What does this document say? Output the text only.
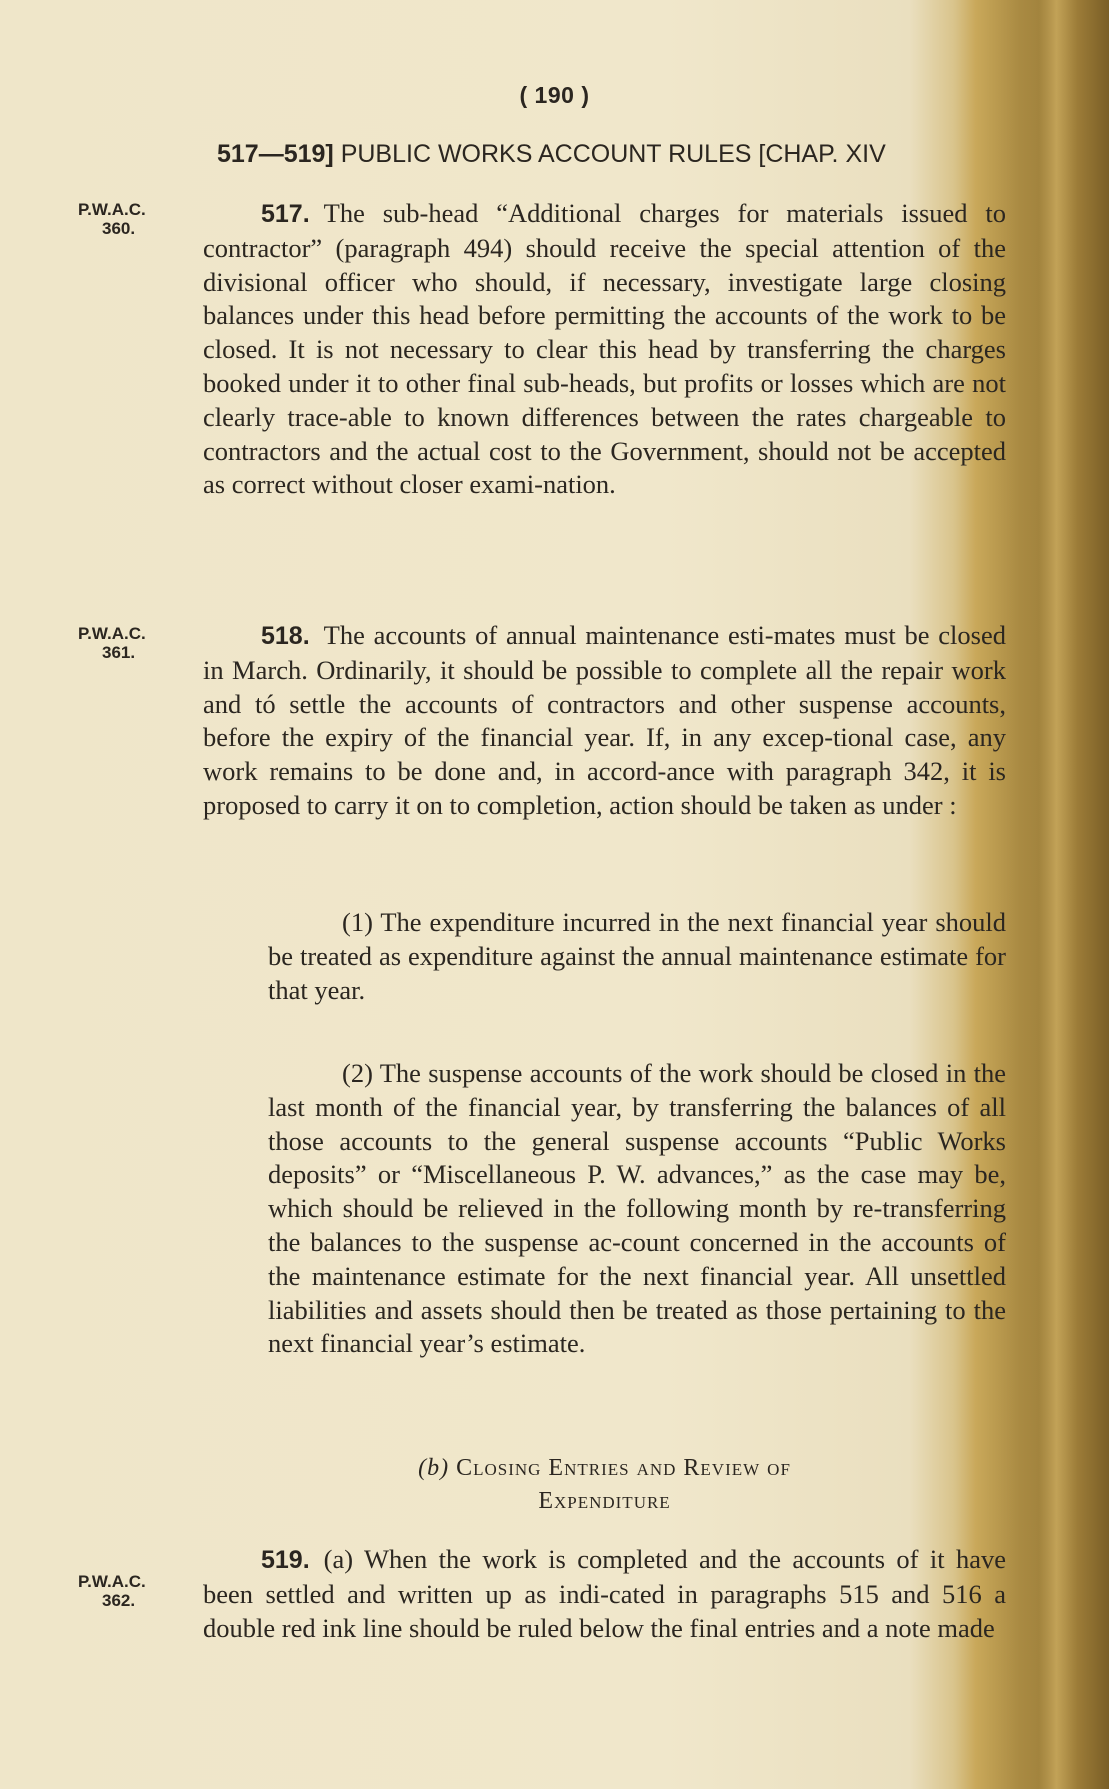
( 190 )
517—519] PUBLIC WORKS ACCOUNT RULES [CHAP. XIV
P.W.A.C.
360.
517. The sub-head “Additional charges for materials issued to contractor” (paragraph 494) should receive the special attention of the divisional officer who should, if necessary, investigate large closing balances under this head before permitting the accounts of the work to be closed. It is not necessary to clear this head by transferring the charges booked under it to other final sub-heads, but profits or losses which are not clearly trace-able to known differences between the rates chargeable to contractors and the actual cost to the Government, should not be accepted as correct without closer exami-nation.
P.W.A.C.
361.
518. The accounts of annual maintenance esti-mates must be closed in March. Ordinarily, it should be possible to complete all the repair work and tó settle the accounts of contractors and other suspense accounts, before the expiry of the financial year. If, in any excep-tional case, any work remains to be done and, in accord-ance with paragraph 342, it is proposed to carry it on to completion, action should be taken as under :
(1) The expenditure incurred in the next financial year should be treated as expenditure against the annual maintenance estimate for that year.
(2) The suspense accounts of the work should be closed in the last month of the financial year, by transferring the balances of all those accounts to the general suspense accounts “Public Works deposits” or “Miscellaneous P. W. advances,” as the case may be, which should be relieved in the following month by re-transferring the balances to the suspense ac-count concerned in the accounts of the maintenance estimate for the next financial year. All unsettled liabilities and assets should then be treated as those pertaining to the next financial year’s estimate.
(b) Closing Entries and Review of
Expenditure
P.W.A.C.
362.
519. (a) When the work is completed and the accounts of it have been settled and written up as indi-cated in paragraphs 515 and 516 a double red ink line should be ruled below the final entries and a note made
